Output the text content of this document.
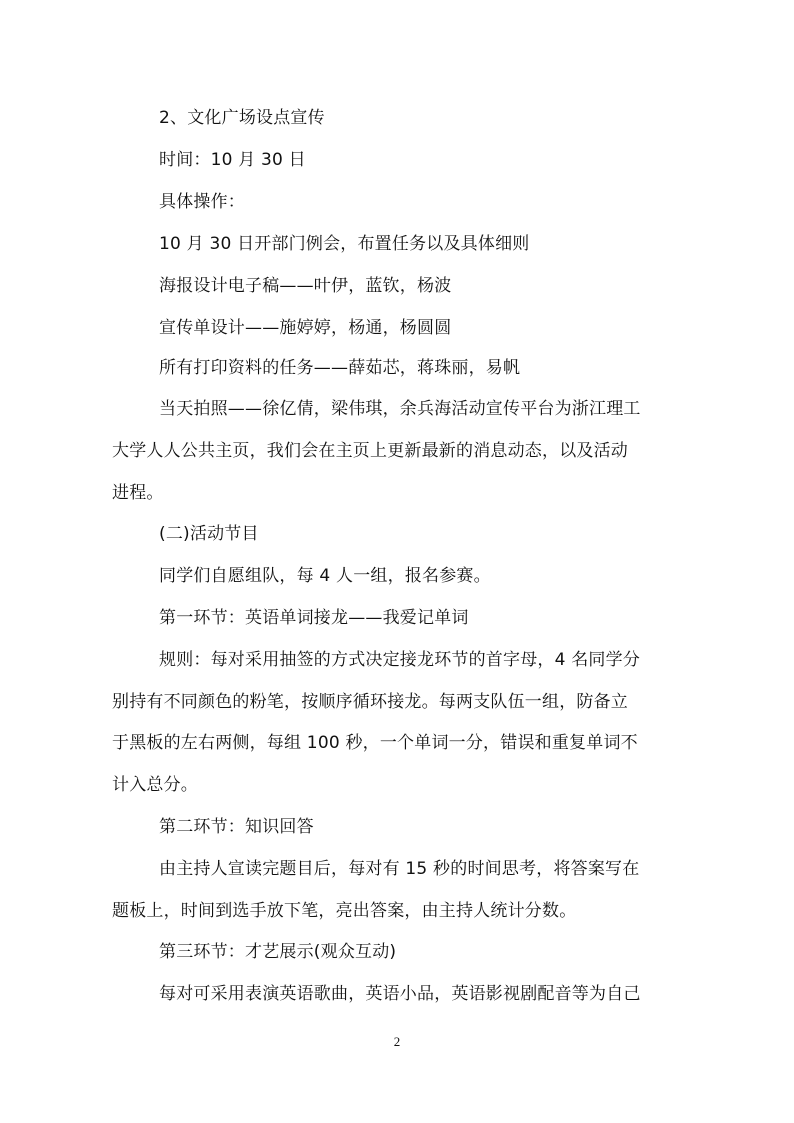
2、文化广场设点宣传
时间：10 月 30 日
具体操作：
10 月 30 日开部门例会，布置任务以及具体细则
海报设计电子稿——叶伊，蓝钦，杨波
宣传单设计——施婷婷，杨通，杨圆圆
所有打印资料的任务——薛茹芯，蒋珠丽，易帆
当天拍照——徐亿倩，梁伟琪，余兵海活动宣传平台为浙江理工
大学人人公共主页，我们会在主页上更新最新的消息动态，以及活动
进程。
(二)活动节目
同学们自愿组队，每 4 人一组，报名参赛。
第一环节：英语单词接龙——我爱记单词
规则：每对采用抽签的方式决定接龙环节的首字母，4 名同学分
别持有不同颜色的粉笔，按顺序循环接龙。每两支队伍一组，防备立
于黑板的左右两侧，每组 100 秒，一个单词一分，错误和重复单词不
计入总分。
第二环节：知识回答
由主持人宣读完题目后，每对有 15 秒的时间思考，将答案写在
题板上，时间到选手放下笔，亮出答案，由主持人统计分数。
第三环节：才艺展示(观众互动)
每对可采用表演英语歌曲，英语小品，英语影视剧配音等为自己
2
